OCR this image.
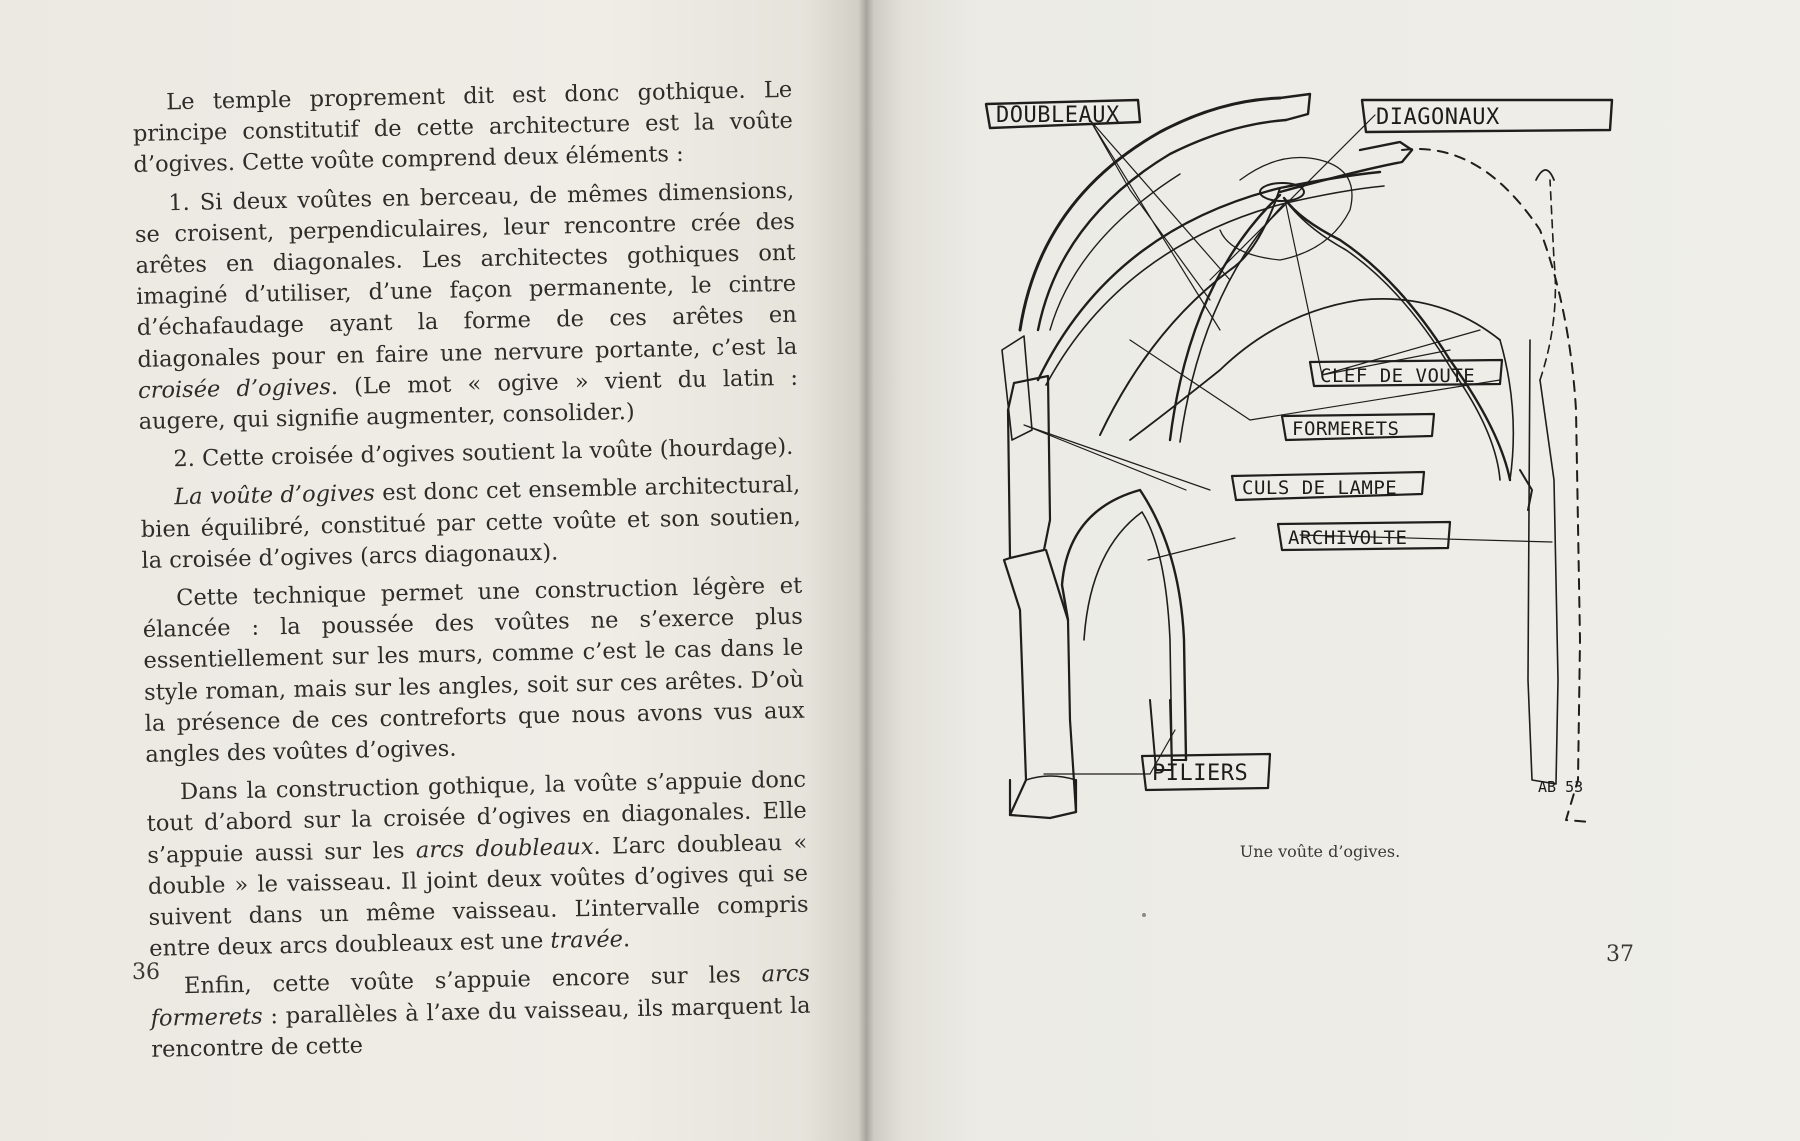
Le temple proprement dit est donc gothique. Le principe constitutif de cette architecture est la voûte d’ogives. Cette voûte comprend deux éléments :

1. Si deux voûtes en berceau, de mêmes dimensions, se croisent, perpendiculaires, leur rencontre crée des arêtes en diagonales. Les architectes gothiques ont imaginé d’utiliser, d’une façon permanente, le cintre d’échafaudage ayant la forme de ces arêtes en diagonales pour en faire une nervure portante, c’est la croisée d’ogives. (Le mot « ogive » vient du latin : augere, qui signifie augmenter, consolider.)

2. Cette croisée d’ogives soutient la voûte (hourdage).

La voûte d’ogives est donc cet ensemble architectural, bien équilibré, constitué par cette voûte et son soutien, la croisée d’ogives (arcs diagonaux).

Cette technique permet une construction légère et élancée : la poussée des voûtes ne s’exerce plus essentiellement sur les murs, comme c’est le cas dans le style roman, mais sur les angles, soit sur ces arêtes. D’où la présence de ces contreforts que nous avons vus aux angles des voûtes d’ogives.

Dans la construction gothique, la voûte s’appuie donc tout d’abord sur la croisée d’ogives en diagonales. Elle s’appuie aussi sur les arcs doubleaux. L’arc doubleau « double » le vaisseau. Il joint deux voûtes d’ogives qui se suivent dans un même vaisseau. L’intervalle compris entre deux arcs doubleaux est une travée.

Enfin, cette voûte s’appuie encore sur les arcs formerets : parallèles à l’axe du vaisseau, ils marquent la rencontre de cette

36
DOUBLEAUX	DIAGONAUX
CLEF DE VOUTE
FORMERETS
CULS DE LAMPE
ARCHIVOLTE
PILIERS
AB 53
Une voûte d’ogives.
37
